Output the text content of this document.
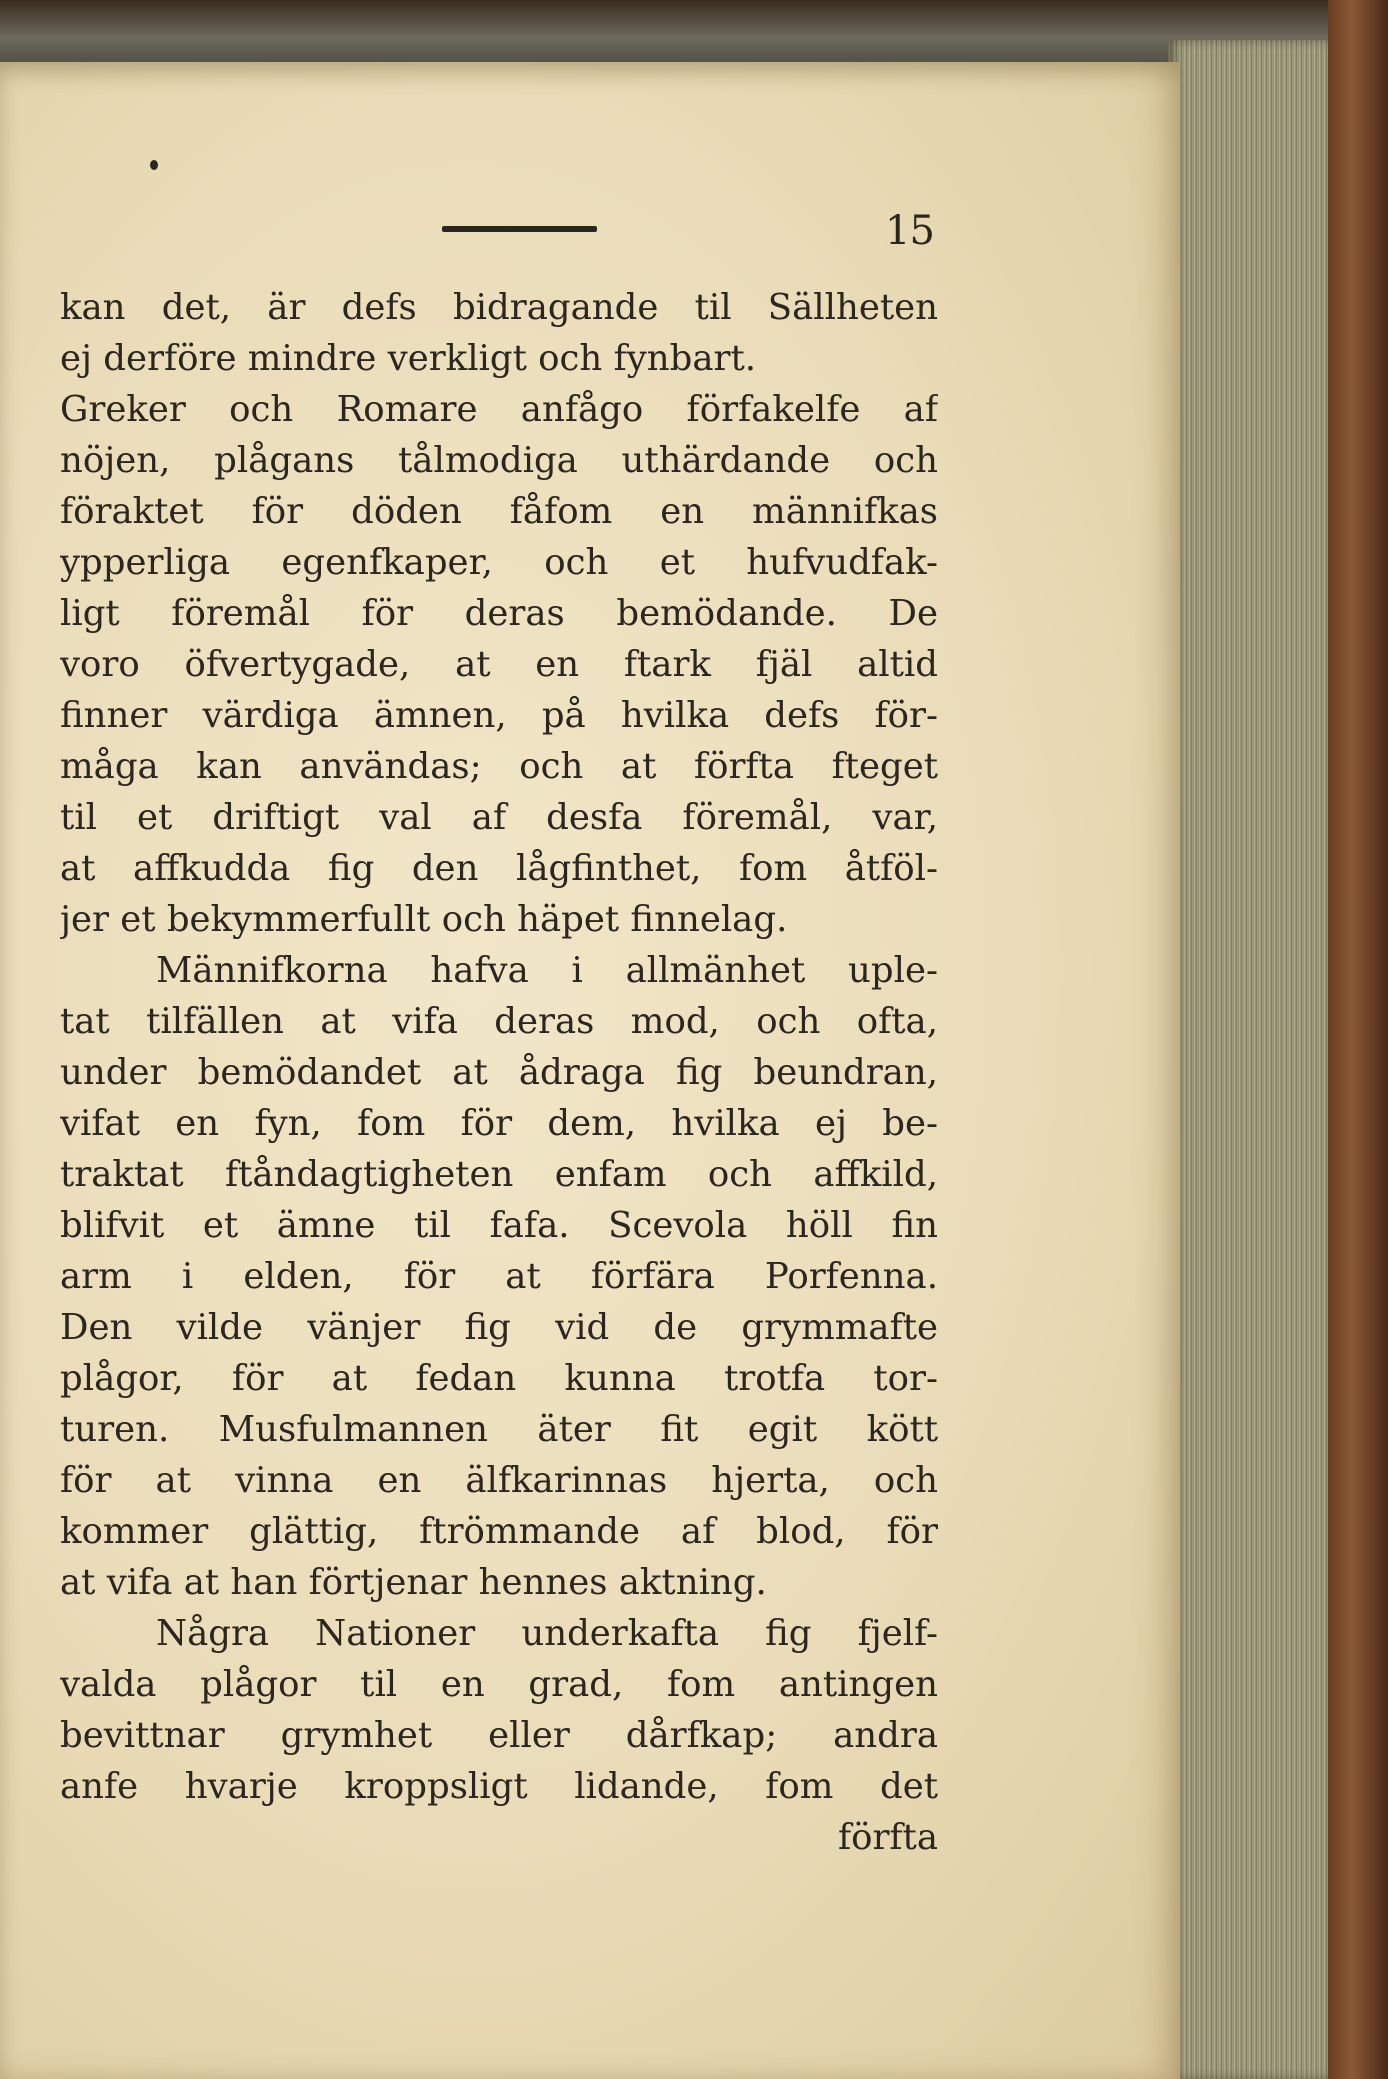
15
kan det, är defs bidragande til Sällheten
ej derföre mindre verkligt och fynbart.
Greker och Romare anfågo förfakelfe af
nöjen, plågans tålmodiga uthärdande och
föraktet för döden fåfom en männifkas
ypperliga egenfkaper, och et hufvudfak-
ligt föremål för deras bemödande. De
voro öfvertygade, at en ftark fjäl altid
finner värdiga ämnen, på hvilka defs för-
måga kan användas; och at förfta fteget
til et driftigt val af desfa föremål, var,
at affkudda fig den lågfinthet, fom åtföl-
jer et bekymmerfullt och häpet finnelag.
Männifkorna hafva i allmänhet uple-
tat tilfällen at vifa deras mod, och ofta,
under bemödandet at ådraga fig beundran,
vifat en fyn, fom för dem, hvilka ej be-
traktat ftåndagtigheten enfam och affkild,
blifvit et ämne til fafa. Scevola höll fin
arm i elden, för at förfära Porfenna.
Den vilde vänjer fig vid de grymmafte
plågor, för at fedan kunna trotfa tor-
turen. Musfulmannen äter fit egit kött
för at vinna en älfkarinnas hjerta, och
kommer glättig, ftrömmande af blod, för
at vifa at han förtjenar hennes aktning.
Några Nationer underkafta fig fjelf-
valda plågor til en grad, fom antingen
bevittnar grymhet eller dårfkap; andra
anfe hvarje kroppsligt lidande, fom det
förfta
